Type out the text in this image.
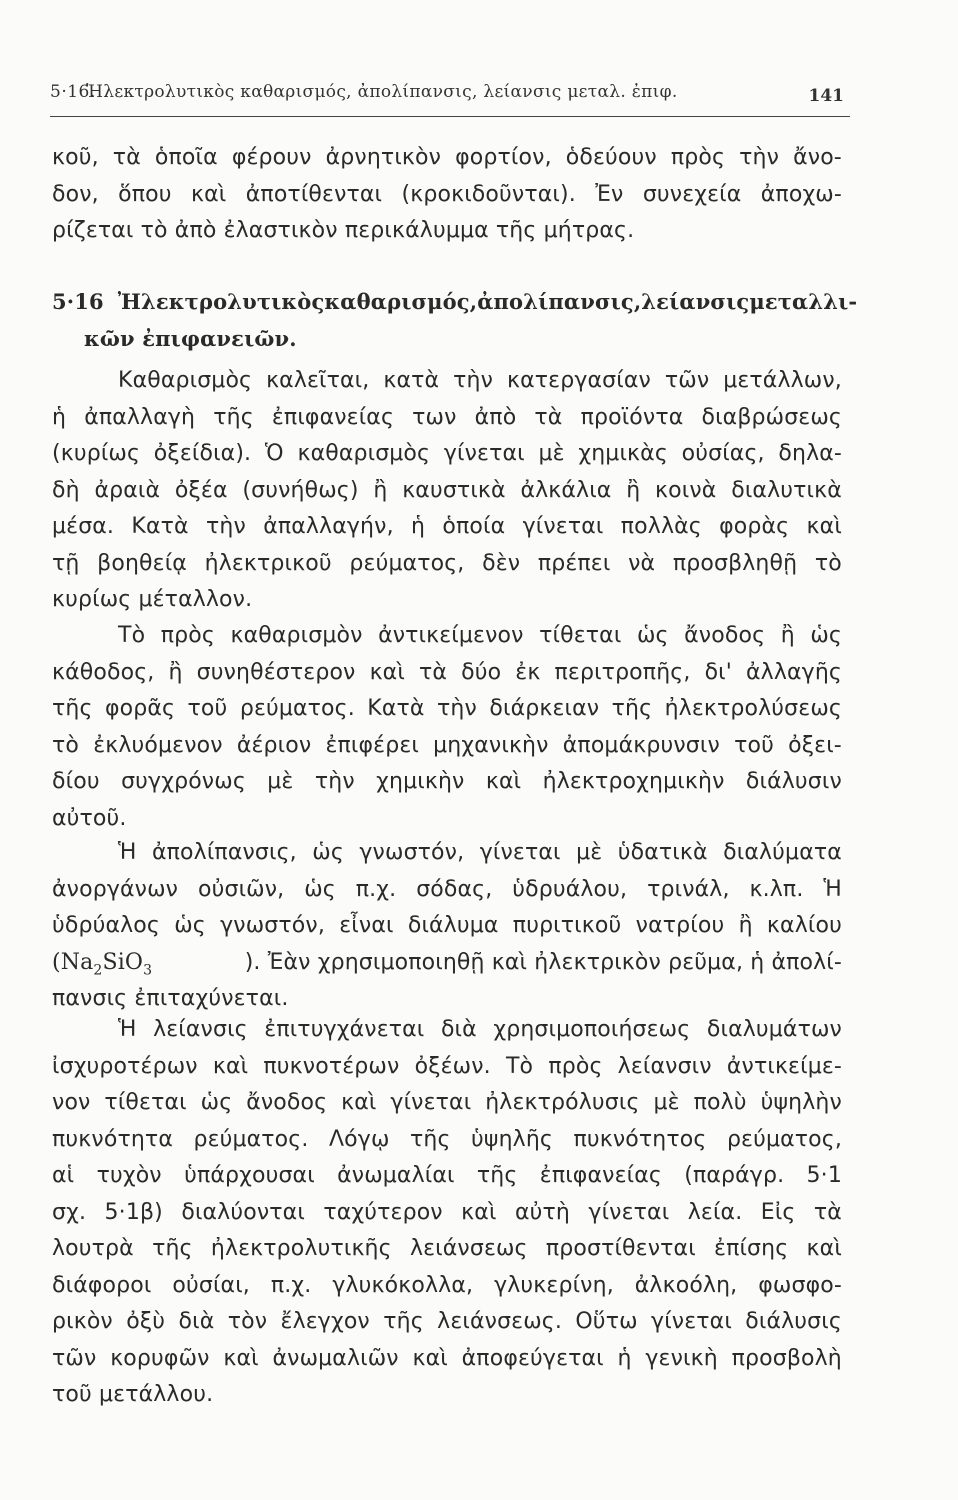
5·16.
Ἠλεκτρολυτικὸς καθαρισμός, ἀπολίπανσις, λείανσις μεταλ. ἐπιφ.	141
κοῦ, τὰ ὁποῖα φέρουν ἀρνητικὸν φορτίον, ὁδεύουν πρὸς τὴν ἄνο-
δον, ὅπου καὶ ἀποτίθενται (κροκιδοῦνται). Ἐν συνεχεία ἀποχω-
ρίζεται τὸ ἀπὸ ἐλαστικὸν περικάλυμμα τῆς μήτρας.
5·16 Ἠλεκτρολυτικὸς καθαρισμός, ἀπολίπανσις, λείανσις μεταλλι-
κῶν ἐπιφανειῶν.
Καθαρισμὸς καλεῖται, κατὰ τὴν κατεργασίαν τῶν μετάλλων,
ἡ ἀπαλλαγὴ τῆς ἐπιφανείας των ἀπὸ τὰ προϊόντα διαβρώσεως
(κυρίως ὀξείδια). Ὁ καθαρισμὸς γίνεται μὲ χημικὰς οὐσίας, δηλα-
δὴ ἀραιὰ ὀξέα (συνήθως) ἢ καυστικὰ ἀλκάλια ἢ κοινὰ διαλυτικὰ
μέσα. Κατὰ τὴν ἀπαλλαγήν, ἡ ὁποία γίνεται πολλὰς φορὰς καὶ
τῇ βοηθείᾳ ἠλεκτρικοῦ ρεύματος, δὲν πρέπει νὰ προσβληθῇ τὸ
κυρίως μέταλλον.
Τὸ πρὸς καθαρισμὸν ἀντικείμενον τίθεται ὡς ἄνοδος ἢ ὡς
κάθοδος, ἢ συνηθέστερον καὶ τὰ δύο ἐκ περιτροπῆς, δι' ἀλλαγῆς
τῆς φορᾶς τοῦ ρεύματος. Κατὰ τὴν διάρκειαν τῆς ἠλεκτρολύσεως
τὸ ἐκλυόμενον ἀέριον ἐπιφέρει μηχανικὴν ἀπομάκρυνσιν τοῦ ὀξει-
δίου συγχρόνως μὲ τὴν χημικὴν καὶ ἠλεκτροχημικὴν διάλυσιν
αὐτοῦ.
Ἡ ἀπολίπανσις, ὡς γνωστόν, γίνεται μὲ ὑδατικὰ διαλύματα
ἀνοργάνων οὐσιῶν, ὡς π.χ. σόδας, ὑδρυάλου, τρινάλ, κ.λπ. Ἡ
ὑδρύαλος ὡς γνωστόν, εἶναι διάλυμα πυριτικοῦ νατρίου ἢ καλίου
($Na_2SiO_3$	). Ἐὰν χρησιμοποιηθῇ καὶ ἠλεκτρικὸν ρεῦμα, ἡ ἀπολί-
πανσις ἐπιταχύνεται.
Ἡ λείανσις ἐπιτυγχάνεται διὰ χρησιμοποιήσεως διαλυμάτων
ἰσχυροτέρων καὶ πυκνοτέρων ὀξέων. Τὸ πρὸς λείανσιν ἀντικείμε-
νον τίθεται ὡς ἄνοδος καὶ γίνεται ἠλεκτρόλυσις μὲ πολὺ ὑψηλὴν
πυκνότητα ρεύματος. Λόγῳ τῆς ὑψηλῆς πυκνότητος ρεύματος,
αἱ τυχὸν ὑπάρχουσαι ἀνωμαλίαι τῆς ἐπιφανείας (παράγρ. 5·1
σχ. 5·1β) διαλύονται ταχύτερον καὶ αὐτὴ γίνεται λεία. Εἰς τὰ
λουτρὰ τῆς ἠλεκτρολυτικῆς λειάνσεως προστίθενται ἐπίσης καὶ
διάφοροι οὐσίαι, π.χ. γλυκόκολλα, γλυκερίνη, ἀλκοόλη, φωσφο-
ρικὸν ὀξὺ διὰ τὸν ἔλεγχον τῆς λειάνσεως. Οὕτω γίνεται διάλυσις
τῶν κορυφῶν καὶ ἀνωμαλιῶν καὶ ἀποφεύγεται ἡ γενικὴ προσβολὴ
τοῦ μετάλλου.
